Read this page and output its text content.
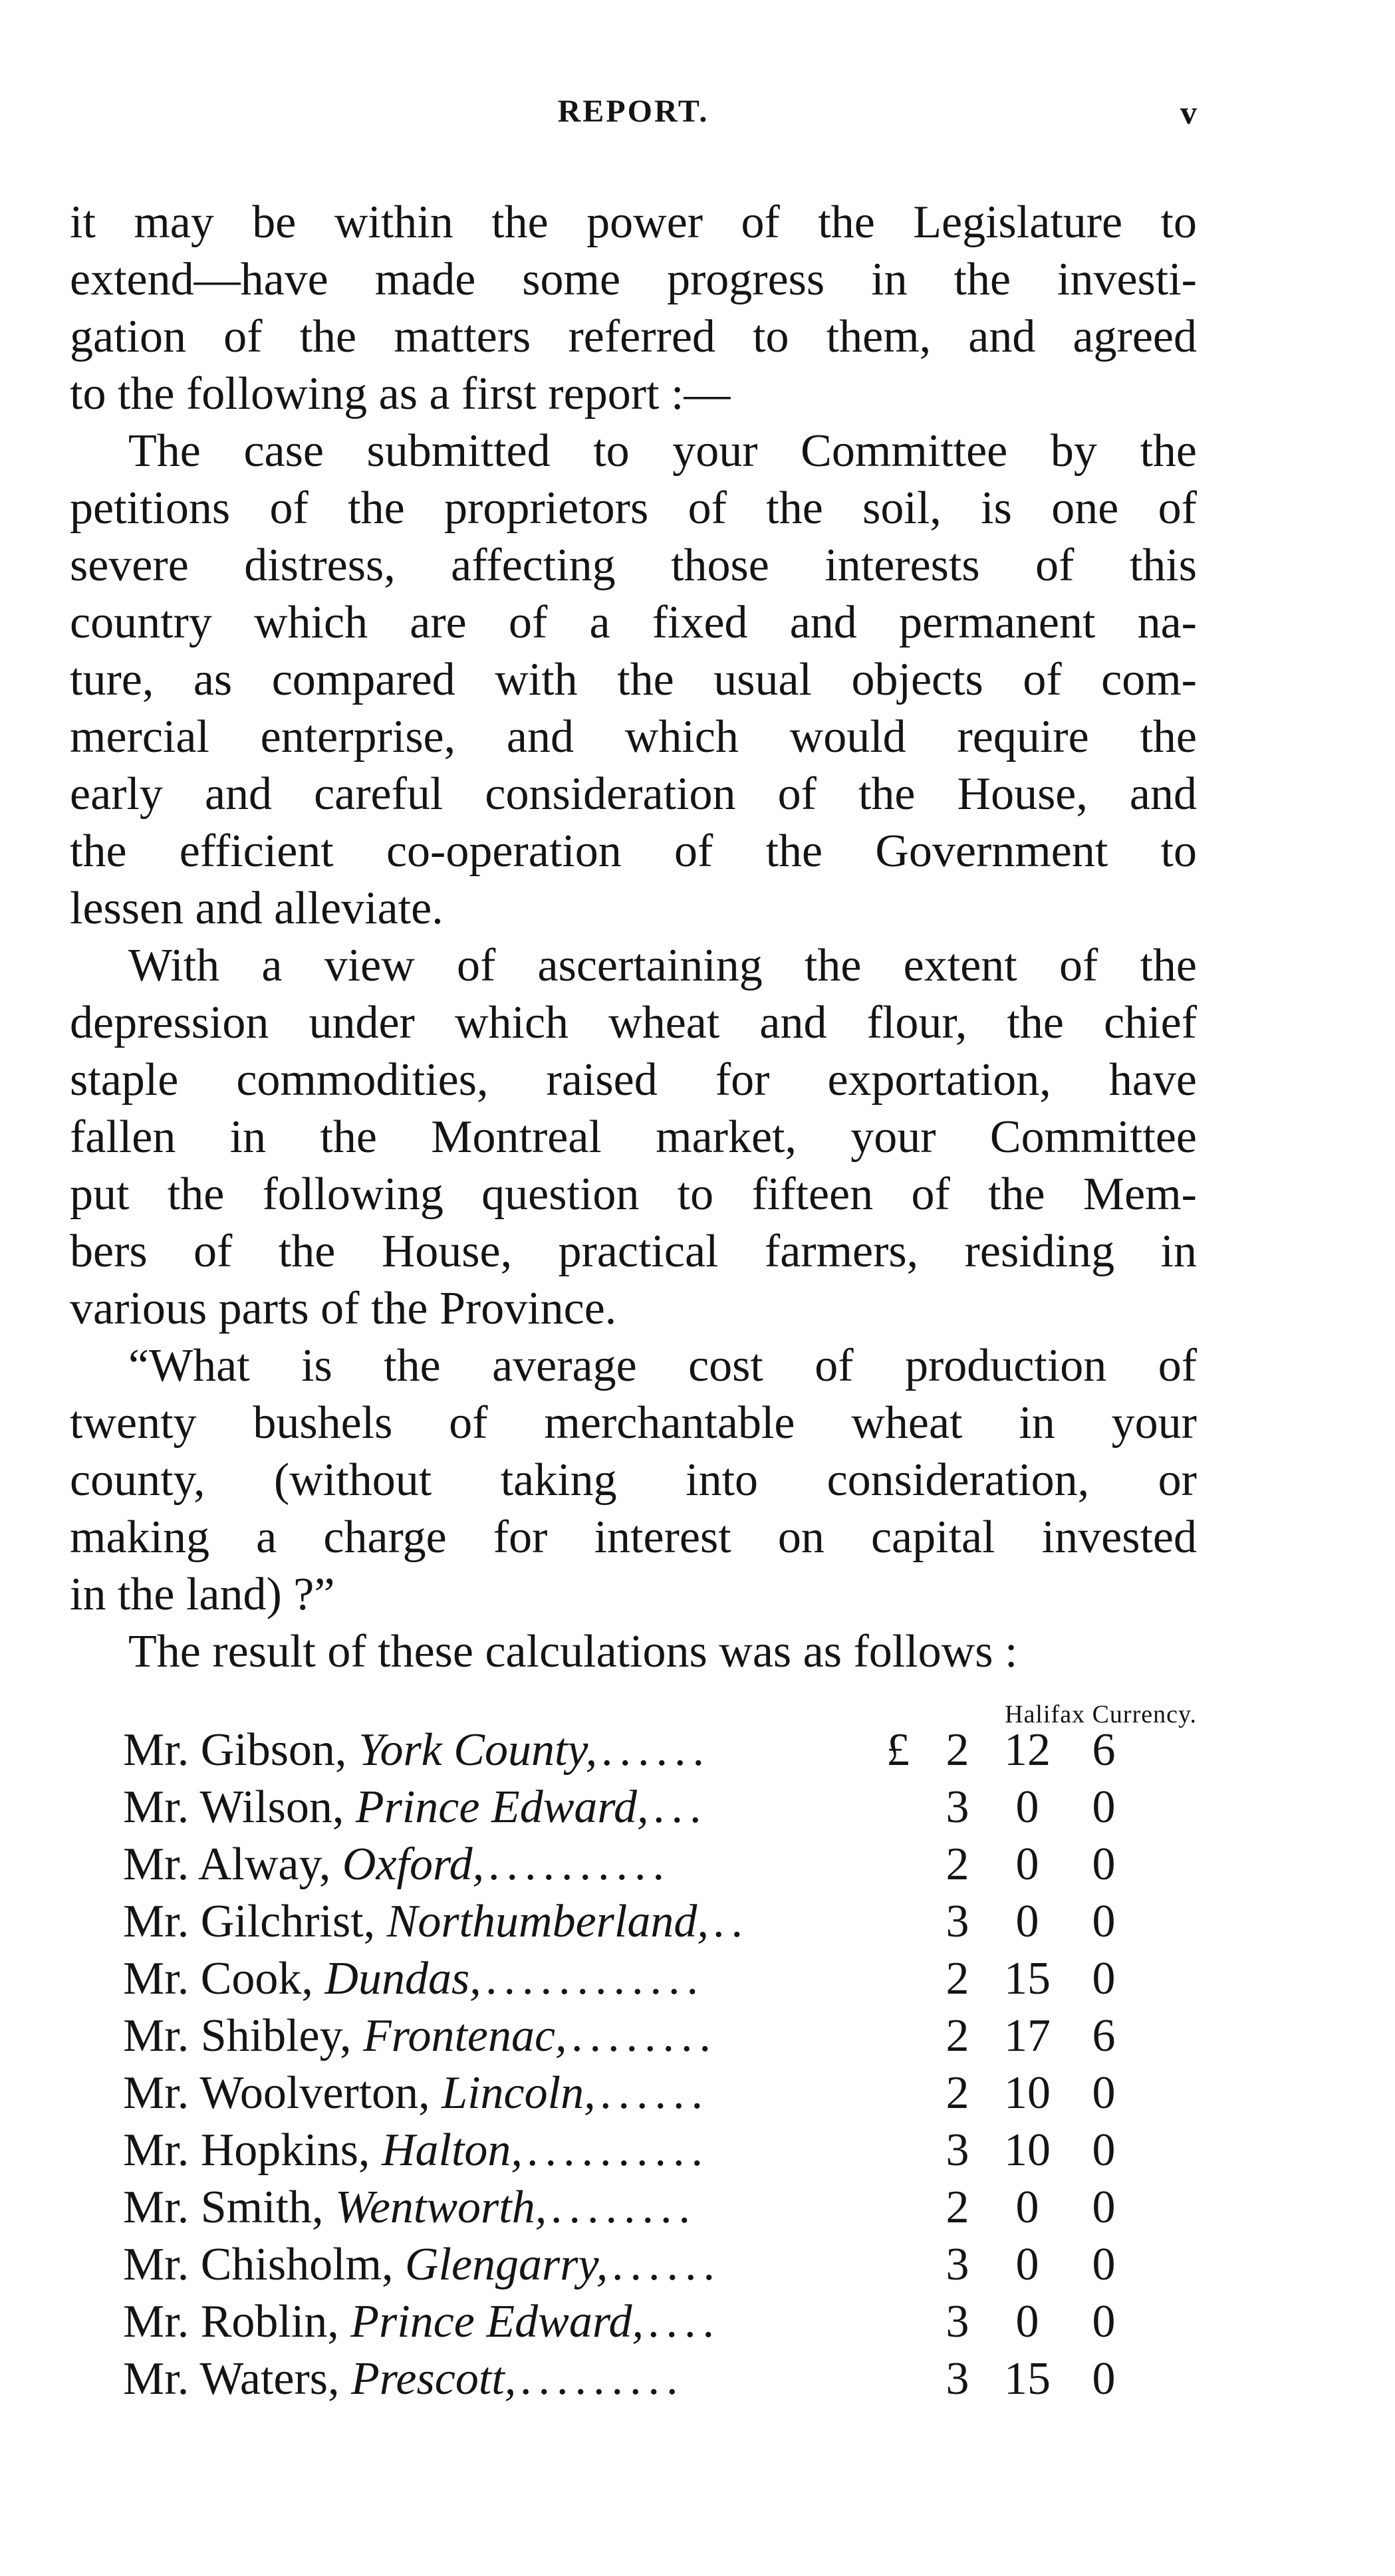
REPORT.	v
it may be within the power of the Legislature to
extend—have made some progress in the investi-
gation of the matters referred to them, and agreed
to the following as a first report :—
The case submitted to your Committee by the
petitions of the proprietors of the soil, is one of
severe distress, affecting those interests of this
country which are of a fixed and permanent na-
ture, as compared with the usual objects of com-
mercial enterprise, and which would require the
early and careful consideration of the House, and
the efficient co-operation of the Government to
lessen and alleviate.
With a view of ascertaining the extent of the
depression under which wheat and flour, the chief
staple commodities, raised for exportation, have
fallen in the Montreal market, your Committee
put the following question to fifteen of the Mem-
bers of the House, practical farmers, residing in
various parts of the Province.
“What is the average cost of production of
twenty bushels of merchantable wheat in your
county, (without taking into consideration, or
making a charge for interest on capital invested
in the land) ?”
The result of these calculations was as follows :
Halifax Currency.
Mr. Gibson, York County, ......	£ 2 12 6
Mr. Wilson, Prince Edward, ...	3	0	0
Mr. Alway, Oxford, ..........	2	0	0
Mr. Gilchrist, Northumberland, ..	3	0	0
Mr. Cook, Dundas, ............	2 15 0
Mr. Shibley, Frontenac, ........	2 17 6
Mr. Woolverton, Lincoln, ......	2 10 0
Mr. Hopkins, Halton, ..........	3 10 0
Mr. Smith, Wentworth, ........	2	0	0
Mr. Chisholm, Glengarry, ......	3	0	0
Mr. Roblin, Prince Edward, ....	3	0	0
Mr. Waters, Prescott, .........	3 15 0
